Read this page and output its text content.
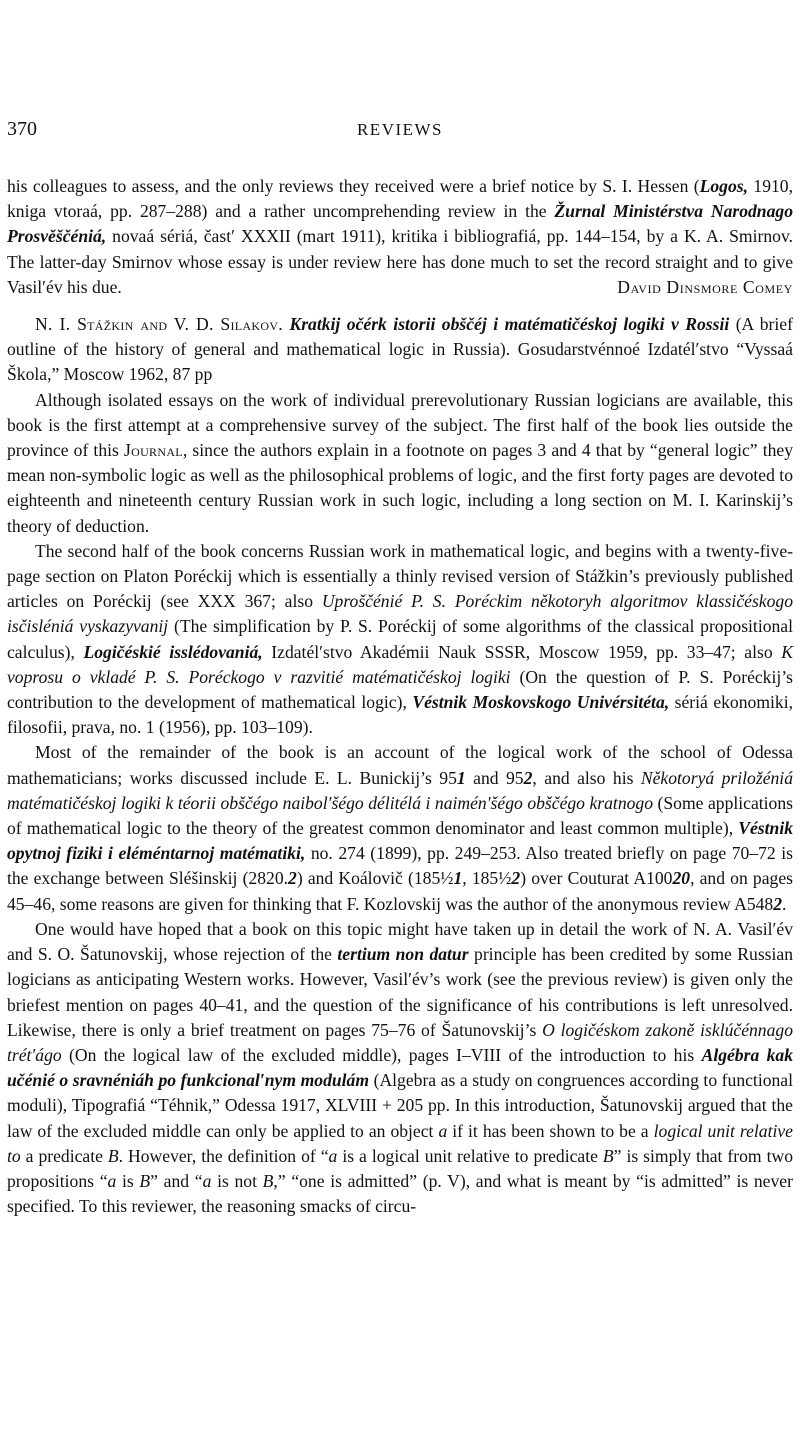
370	REVIEWS

his colleagues to assess, and the only reviews they received were a brief notice by S. I. Hessen (Logos, 1910, kniga vtoraá, pp. 287–288) and a rather uncomprehending review in the Žurnal Ministérstva Narodnago Prosvěščéniá, novaá sériá, čast′ XXXII (mart 1911), kritika i bibliografiá, pp. 144–154, by a K. A. Smirnov. The latter-day Smirnov whose essay is under review here has done much to set the record straight and to give Vasil′év his due.	David Dinsmore Comey

N. I. Stážkin and V. D. Silakov. Kratkij očérk istorii obščéj i matématičéskoj logiki v Rossii (A brief outline of the history of general and mathematical logic in Russia). Gosudarstvénnoé Izdatél′stvo “Vyssaá Škola,” Moscow 1962, 87 pp

Although isolated essays on the work of individual prerevolutionary Russian logicians are available, this book is the first attempt at a comprehensive survey of the subject. The first half of the book lies outside the province of this Journal, since the authors explain in a footnote on pages 3 and 4 that by “general logic” they mean non-symbolic logic as well as the philosophical problems of logic, and the first forty pages are devoted to eighteenth and nineteenth century Russian work in such logic, including a long section on M. I. Karinskij’s theory of deduction.

The second half of the book concerns Russian work in mathematical logic, and begins with a twenty-five-page section on Platon Poréckij which is essentially a thinly revised version of Stážkin’s previously published articles on Poréckij (see XXX 367; also Uproščénié P. S. Poréckim někotoryh algoritmov klassičéskogo isčisléniá vyskazyvanij (The simplification by P. S. Poréckij of some algorithms of the classical propositional calculus), Logičéskié isslédovaniá, Izdatél′stvo Akadémii Nauk SSSR, Moscow 1959, pp. 33–47; also K voprosu o vkladé P. S. Poréckogo v razvitié matématičéskoj logiki (On the question of P. S. Poréckij’s contribution to the development of mathematical logic), Véstnik Moskovskogo Univérsitéta, sériá ekonomiki, filosofii, prava, no. 1 (1956), pp. 103–109).

Most of the remainder of the book is an account of the logical work of the school of Odessa mathematicians; works discussed include E. L. Bunickij’s 951 and 952, and also his Někotoryá priložéniá matématičéskoj logiki k téorii obščégo naibol′šégo délitélá i naimén′šégo obščégo kratnogo (Some applications of mathematical logic to the theory of the greatest common denominator and least common multiple), Véstnik opytnoj fiziki i eléméntarnoj matématiki, no. 274 (1899), pp. 249–253. Also treated briefly on page 70–72 is the exchange between Sléšinskij (2820.2) and Koálovič (185½1, 185½2) over Couturat A10020, and on pages 45–46, some reasons are given for thinking that F. Kozlovskij was the author of the anonymous review A5482.

One would have hoped that a book on this topic might have taken up in detail the work of N. A. Vasil′év and S. O. Šatunovskij, whose rejection of the tertium non datur principle has been credited by some Russian logicians as anticipating Western works. However, Vasil′év’s work (see the previous review) is given only the briefest mention on pages 40–41, and the question of the significance of his contributions is left unresolved. Likewise, there is only a brief treatment on pages 75–76 of Šatunovskij’s O logičéskom zakoně isklúčénnago trét′ágo (On the logical law of the excluded middle), pages I–VIII of the introduction to his Algébra kak učénié o sravnéniáh po funkcional′nym modulám (Algebra as a study on congruences according to functional moduli), Tipografiá “Téhnik,” Odessa 1917, XLVIII + 205 pp. In this introduction, Šatunovskij argued that the law of the excluded middle can only be applied to an object a if it has been shown to be a logical unit relative to a predicate B. However, the definition of “a is a logical unit relative to predicate B” is simply that from two propositions “a is B” and “a is not B,” “one is admitted” (p. V), and what is meant by “is admitted” is never specified. To this reviewer, the reasoning smacks of circu-
